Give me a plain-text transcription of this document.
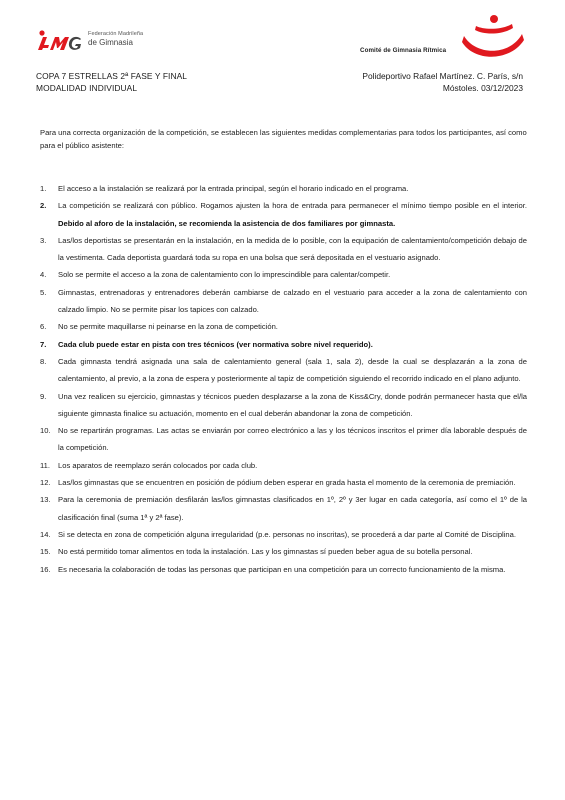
Federación Madrileña
de Gimnasia
Comité de Gimnasia Rítmica
COPA 7 ESTRELLAS 2ª FASE Y FINAL
MODALIDAD INDIVIDUAL
Polideportivo Rafael Martínez. C. París, s/n
Móstoles. 03/12/2023

Para una correcta organización de la competición, se establecen las siguientes medidas complementarias para todos los participantes, así como para el público asistente:

1. El acceso a la instalación se realizará por la entrada principal, según el horario indicado en el programa.
2. La competición se realizará con público. Rogamos ajusten la hora de entrada para permanecer el mínimo tiempo posible en el interior. Debido al aforo de la instalación, se recomienda la asistencia de dos familiares por gimnasta.
3. Las/los deportistas se presentarán en la instalación, en la medida de lo posible, con la equipación de calentamiento/competición debajo de la vestimenta. Cada deportista guardará toda su ropa en una bolsa que será depositada en el vestuario asignado.
4. Solo se permite el acceso a la zona de calentamiento con lo imprescindible para calentar/competir.
5. Gimnastas, entrenadoras y entrenadores deberán cambiarse de calzado en el vestuario para acceder a la zona de calentamiento con calzado limpio. No se permite pisar los tapices con calzado.
6. No se permite maquillarse ni peinarse en la zona de competición.
7. Cada club puede estar en pista con tres técnicos (ver normativa sobre nivel requerido).
8. Cada gimnasta tendrá asignada una sala de calentamiento general (sala 1, sala 2), desde la cual se desplazarán a la zona de calentamiento, al previo, a la zona de espera y posteriormente al tapiz de competición siguiendo el recorrido indicado en el plano adjunto.
9. Una vez realicen su ejercicio, gimnastas y técnicos pueden desplazarse a la zona de Kiss&Cry, donde podrán permanecer hasta que el/la siguiente gimnasta finalice su actuación, momento en el cual deberán abandonar la zona de competición.
10. No se repartirán programas. Las actas se enviarán por correo electrónico a las y los técnicos inscritos el primer día laborable después de la competición.
11. Los aparatos de reemplazo serán colocados por cada club.
12. Las/los gimnastas que se encuentren en posición de pódium deben esperar en grada hasta el momento de la ceremonia de premiación.
13. Para la ceremonia de premiación desfilarán las/los gimnastas clasificados en 1º, 2º y 3er lugar en cada categoría, así como el 1º de la clasificación final (suma 1ª y 2ª fase).
14. Si se detecta en zona de competición alguna irregularidad (p.e. personas no inscritas), se procederá a dar parte al Comité de Disciplina.
15. No está permitido tomar alimentos en toda la instalación. Las y los gimnastas sí pueden beber agua de su botella personal.
16. Es necesaria la colaboración de todas las personas que participan en una competición para un correcto funcionamiento de la misma.
